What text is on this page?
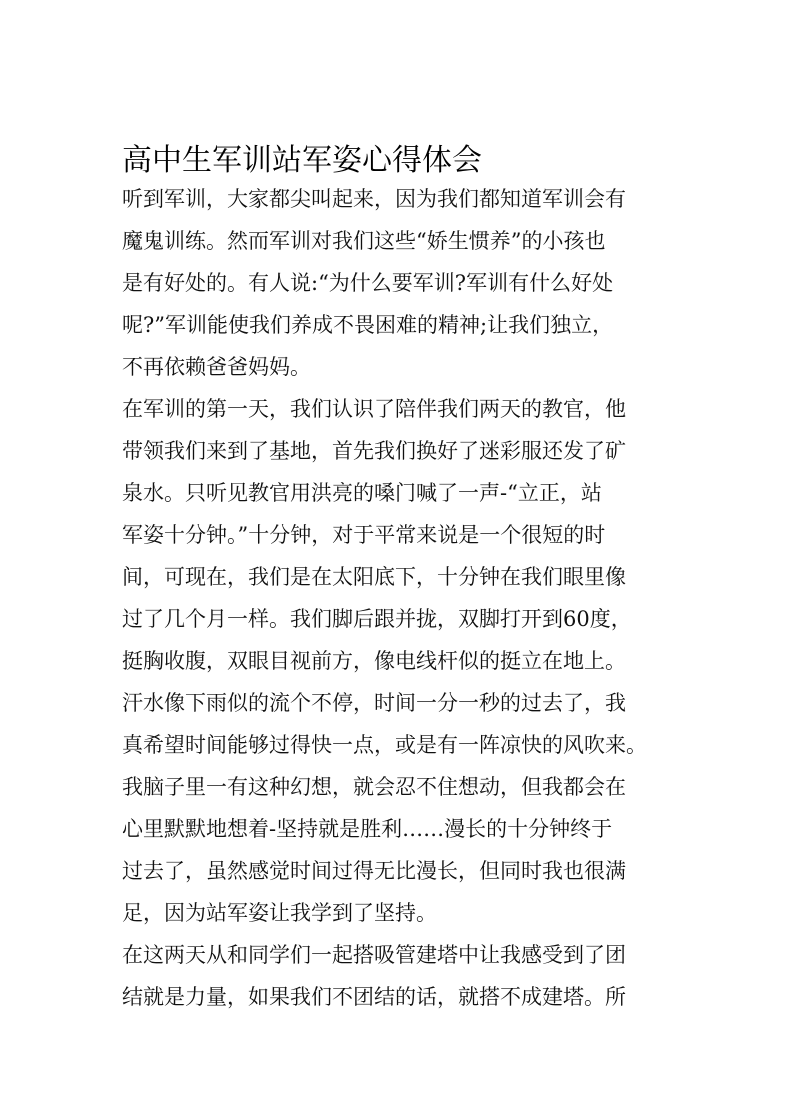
高中生军训站军姿心得体会

听到军训，大家都尖叫起来，因为我们都知道军训会有

魔鬼训练。然而军训对我们这些“娇生惯养”的小孩也

是有好处的。有人说:“为什么要军训?军训有什么好处

呢?”军训能使我们养成不畏困难的精神;让我们独立，

不再依赖爸爸妈妈。

在军训的第一天，我们认识了陪伴我们两天的教官，他

带领我们来到了基地，首先我们换好了迷彩服还发了矿

泉水。只听见教官用洪亮的嗓门喊了一声-“立正，站

军姿十分钟。”十分钟，对于平常来说是一个很短的时

间，可现在，我们是在太阳底下，十分钟在我们眼里像

过了几个月一样。我们脚后跟并拢，双脚打开到60度，

挺胸收腹，双眼目视前方，像电线杆似的挺立在地上。

汗水像下雨似的流个不停，时间一分一秒的过去了，我

真希望时间能够过得快一点，或是有一阵凉快的风吹来。

我脑子里一有这种幻想，就会忍不住想动，但我都会在

心里默默地想着-坚持就是胜利……漫长的十分钟终于

过去了，虽然感觉时间过得无比漫长，但同时我也很满

足，因为站军姿让我学到了坚持。

在这两天从和同学们一起搭吸管建塔中让我感受到了团

结就是力量，如果我们不团结的话，就搭不成建塔。所
